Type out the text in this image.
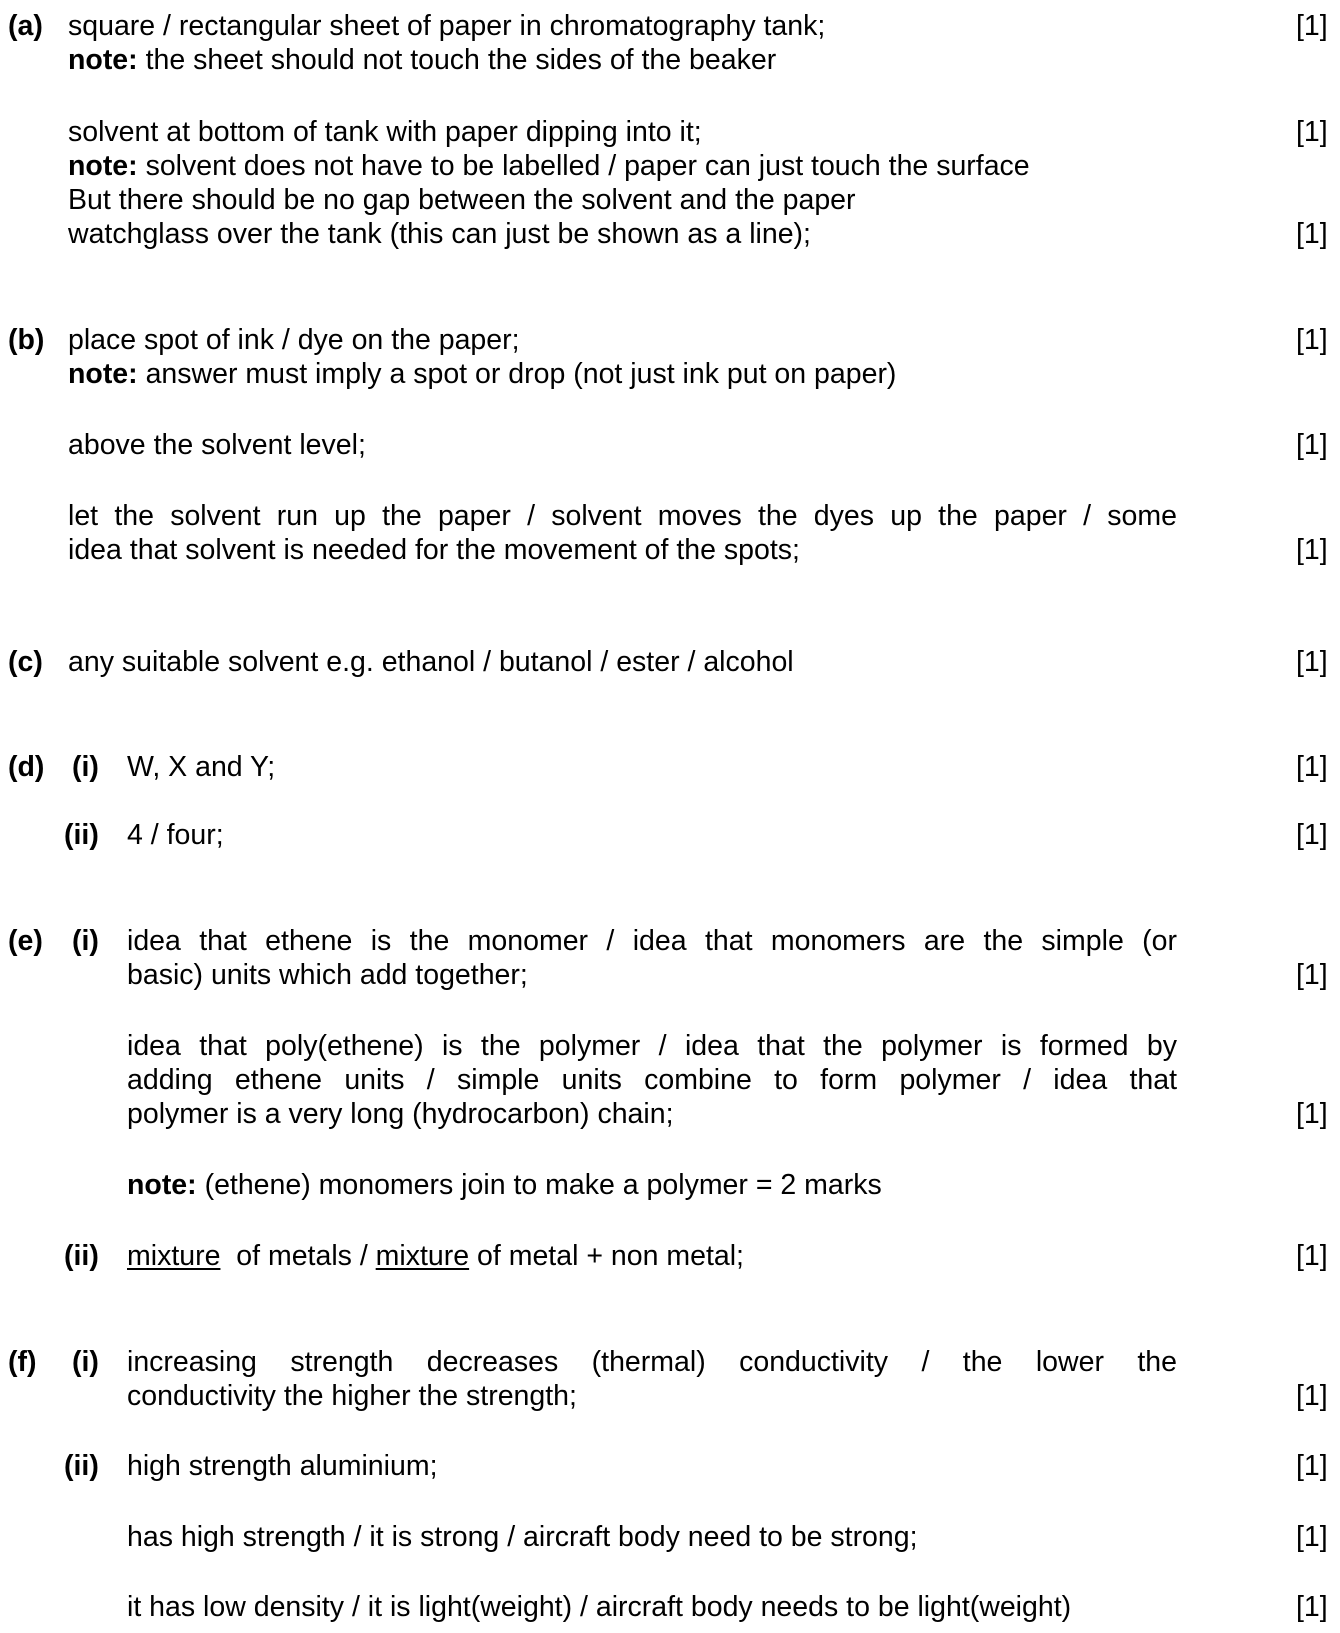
(a) square / rectangular sheet of paper in chromatography tank;	[1]
note: the sheet should not touch the sides of the beaker
solvent at bottom of tank with paper dipping into it;	[1]
note: solvent does not have to be labelled / paper can just touch the surface
But there should be no gap between the solvent and the paper
watchglass over the tank (this can just be shown as a line);	[1]
(b) place spot of ink / dye on the paper;	[1]
note: answer must imply a spot or drop (not just ink put on paper)
above the solvent level;	[1]
let the solvent run up the paper / solvent moves the dyes up the paper / some
idea that solvent is needed for the movement of the spots;	[1]
(c) any suitable solvent e.g. ethanol / butanol / ester / alcohol	[1]
(d) (i) W, X and Y;	[1]
(ii) 4 / four;	[1]
(e) (i) idea that ethene is the monomer / idea that monomers are the simple (or
basic) units which add together;	[1]
idea that poly(ethene) is the polymer / idea that the polymer is formed by
adding ethene units / simple units combine to form polymer / idea that
polymer is a very long (hydrocarbon) chain;	[1]
note: (ethene) monomers join to make a polymer = 2 marks
(ii) mixture  of metals / mixture of metal + non metal;	[1]
(f) (i) increasing strength decreases (thermal) conductivity / the lower the
conductivity the higher the strength;	[1]
(ii) high strength aluminium;	[1]
has high strength / it is strong / aircraft body need to be strong;	[1]
it has low density / it is light(weight) / aircraft body needs to be light(weight)	[1]
